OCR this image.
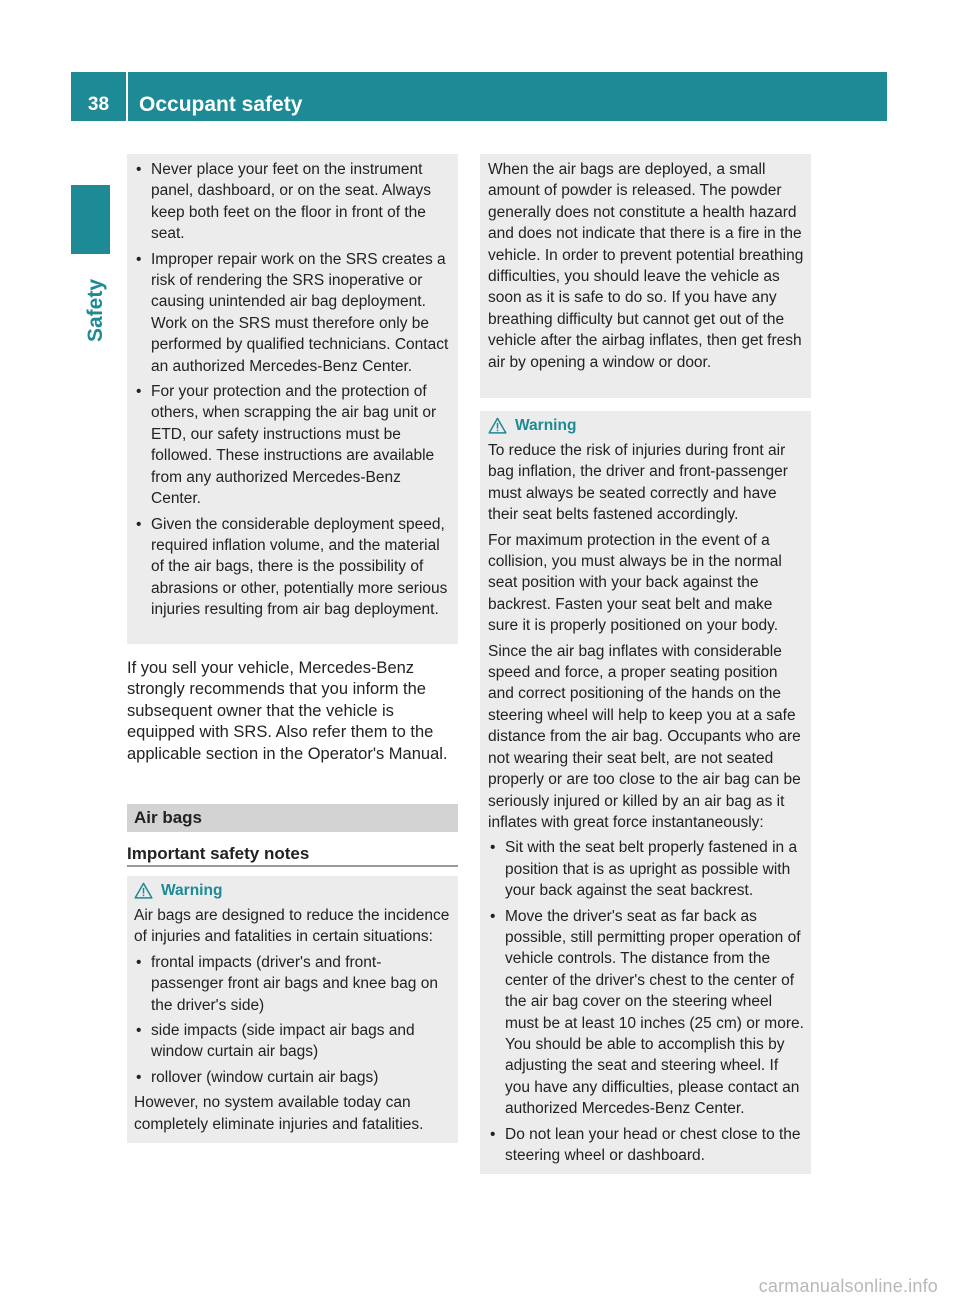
38	Occupant safety
Safety
• Never place your feet on the instrument panel, dashboard, or on the seat. Always keep both feet on the floor in front of the seat.
• Improper repair work on the SRS creates a risk of rendering the SRS inoperative or causing unintended air bag deployment. Work on the SRS must therefore only be performed by qualified technicians. Contact an authorized Mercedes-Benz Center.
• For your protection and the protection of others, when scrapping the air bag unit or ETD, our safety instructions must be followed. These instructions are available from any authorized Mercedes-Benz Center.
• Given the considerable deployment speed, required inflation volume, and the material of the air bags, there is the possibility of abrasions or other, potentially more serious injuries resulting from air bag deployment.
If you sell your vehicle, Mercedes-Benz strongly recommends that you inform the subsequent owner that the vehicle is equipped with SRS. Also refer them to the applicable section in the Operator's Manual.
Air bags
Important safety notes
Warning

Air bags are designed to reduce the incidence of injuries and fatalities in certain situations:

• frontal impacts (driver's and front-passenger front air bags and knee bag on the driver's side)
• side impacts (side impact air bags and window curtain air bags)
• rollover (window curtain air bags)

However, no system available today can completely eliminate injuries and fatalities.

When the air bags are deployed, a small amount of powder is released. The powder generally does not constitute a health hazard and does not indicate that there is a fire in the vehicle. In order to prevent potential breathing difficulties, you should leave the vehicle as soon as it is safe to do so. If you have any breathing difficulty but cannot get out of the vehicle after the airbag inflates, then get fresh air by opening a window or door.

Warning

To reduce the risk of injuries during front air bag inflation, the driver and front-passenger must always be seated correctly and have their seat belts fastened accordingly.

For maximum protection in the event of a collision, you must always be in the normal seat position with your back against the backrest. Fasten your seat belt and make sure it is properly positioned on your body.

Since the air bag inflates with considerable speed and force, a proper seating position and correct positioning of the hands on the steering wheel will help to keep you at a safe distance from the air bag. Occupants who are not wearing their seat belt, are not seated properly or are too close to the air bag can be seriously injured or killed by an air bag as it inflates with great force instantaneously:

• Sit with the seat belt properly fastened in a position that is as upright as possible with your back against the seat backrest.
• Move the driver's seat as far back as possible, still permitting proper operation of vehicle controls. The distance from the center of the driver's chest to the center of the air bag cover on the steering wheel must be at least 10 inches (25 cm) or more. You should be able to accomplish this by adjusting the seat and steering wheel. If you have any difficulties, please contact an authorized Mercedes-Benz Center.
• Do not lean your head or chest close to the steering wheel or dashboard.
carmanualsonline.info
